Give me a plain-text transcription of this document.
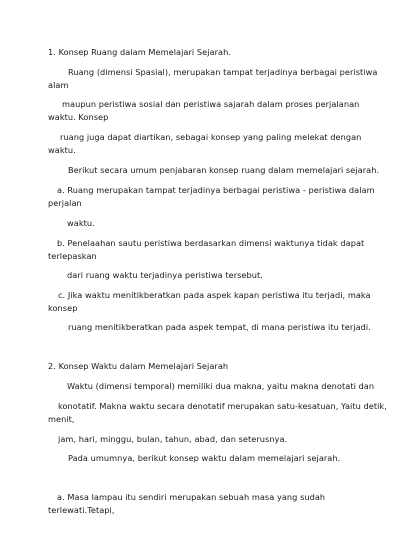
1. Konsep Ruang dalam Memelajari Sejarah.
Ruang (dimensi Spasial), merupakan tampat terjadinya berbagai peristiwa
alam
maupun peristiwa sosial dan peristiwa sajarah dalam proses perjalanan
waktu. Konsep
ruang juga dapat diartikan, sebagai konsep yang paling melekat dengan
waktu.
Berikut secara umum penjabaran konsep ruang dalam memelajari sejarah.
a. Ruang merupakan tampat terjadinya berbagai peristiwa - peristiwa dalam
perjalan
waktu.
b. Penelaahan sautu peristiwa berdasarkan dimensi waktunya tidak dapat
terlepaskan
dari ruang waktu terjadinya peristiwa tersebut.
c. Jika waktu menitikberatkan pada aspek kapan peristiwa itu terjadi, maka
konsep
ruang menitikberatkan pada aspek tempat, di mana peristiwa itu terjadi.
2. Konsep Waktu dalam Memelajari Sejarah
Waktu (dimensi temporal) memiliki dua makna, yaitu makna denotati dan
konotatif. Makna waktu secara denotatif merupakan satu-kesatuan, Yaitu detik,
menit,
jam, hari, minggu, bulan, tahun, abad, dan seterusnya.
Pada umumnya, berikut konsep waktu dalam memelajari sejarah.
a. Masa lampau itu sendiri merupakan sebuah masa yang sudah
terlewati.Tetapi,
